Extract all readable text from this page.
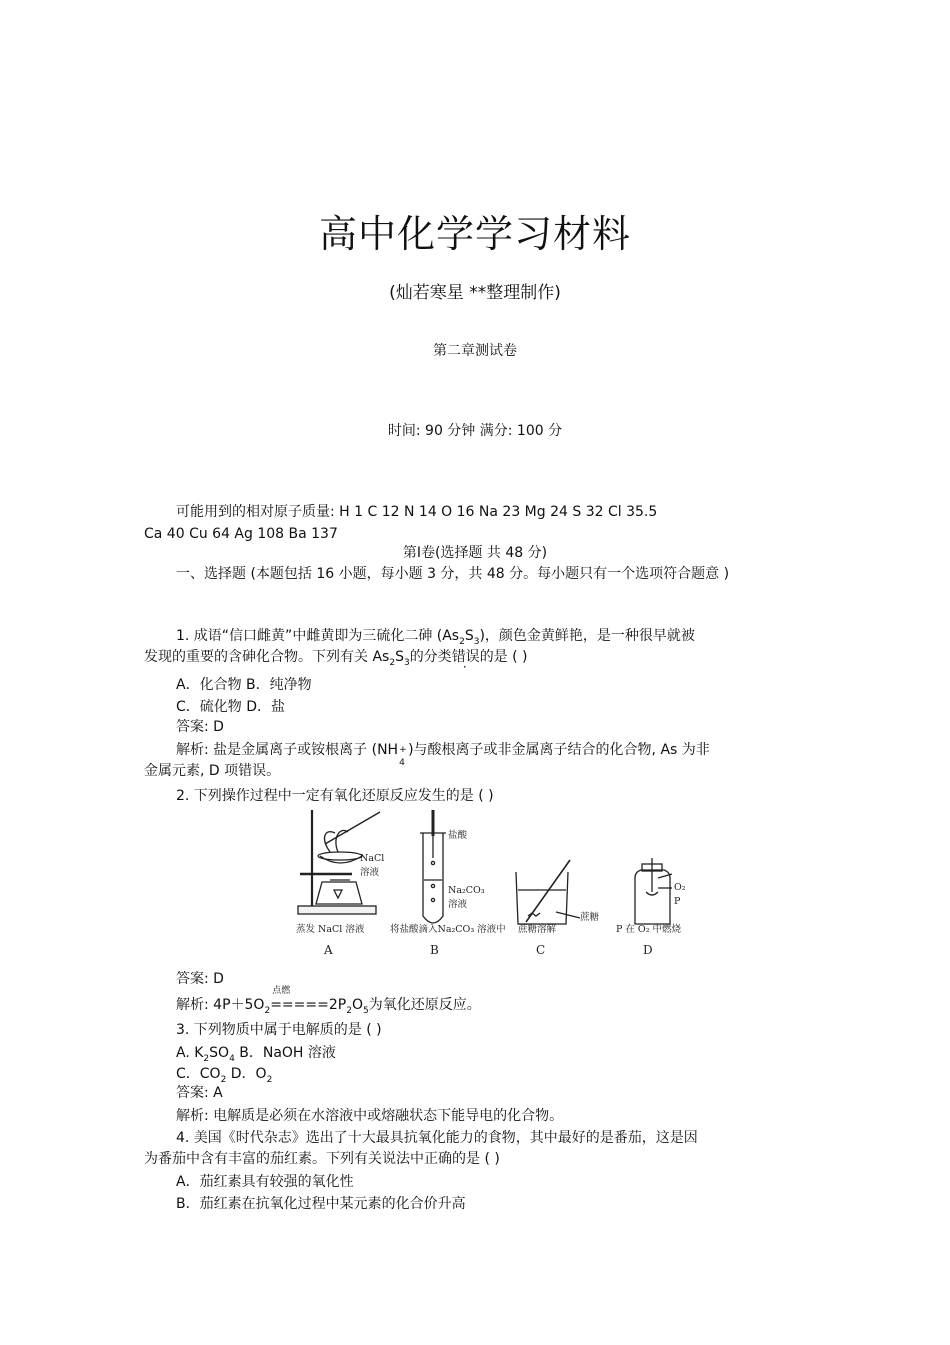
高中化学学习材料
(灿若寒星 **整理制作)
第二章测试卷
时间: 90 分钟 满分: 100 分
可能用到的相对原子质量: H 1 C 12 N 14 O 16 Na 23 Mg 24 S 32 Cl 35.5
Ca 40 Cu 64 Ag 108 Ba 137
第Ⅰ卷(选择题 共 48 分)
一、选择题 (本题包括 16 小题，每小题 3 分，共 48 分。每小题只有一个选项符合题意 )
1. 成语“信口雌黄”中雌黄即为三硫化二砷 $(As_2S_3)$，颜色金黄鲜艳，是一种很早就被
发现的重要的含砷化合物。下列有关 $As_2S_3$的分类错误的是 ( )
A．化合物 B．纯净物
C．硫化物 D．盐
答案: D
解析: 盐是金属离子或铵根离子 (NH +
4
)与酸根离子或非金属离子结合的化合物, As 为非
金属元素, D 项错误。
2. 下列操作过程中一定有氧化还原反应发生的是 ( )
NaCl
溶液
盐酸
Na₂CO₃
溶液
蔗糖
O₂
P
蒸发 NaCl 溶液	将盐酸滴入Na₂CO₃ 溶液中 蔗糖溶解	P 在 O₂ 中燃烧
A	B	C	D
答案: D
解析: $4P+5O_2$
点燃
$=====2P_2O_5$为氧化还原反应。
3. 下列物质中属于电解质的是 ( )
A. $K_2SO_4$ B．NaOH 溶液
C．$CO_2$ D．$O_2$
答案: A
解析: 电解质是必须在水溶液中或熔融状态下能导电的化合物。
4. 美国《时代杂志》选出了十大最具抗氧化能力的食物，其中最好的是番茄，这是因
为番茄中含有丰富的茄红素。下列有关说法中正确的是 ( )
A．茄红素具有较强的氧化性
B．茄红素在抗氧化过程中某元素的化合价升高
